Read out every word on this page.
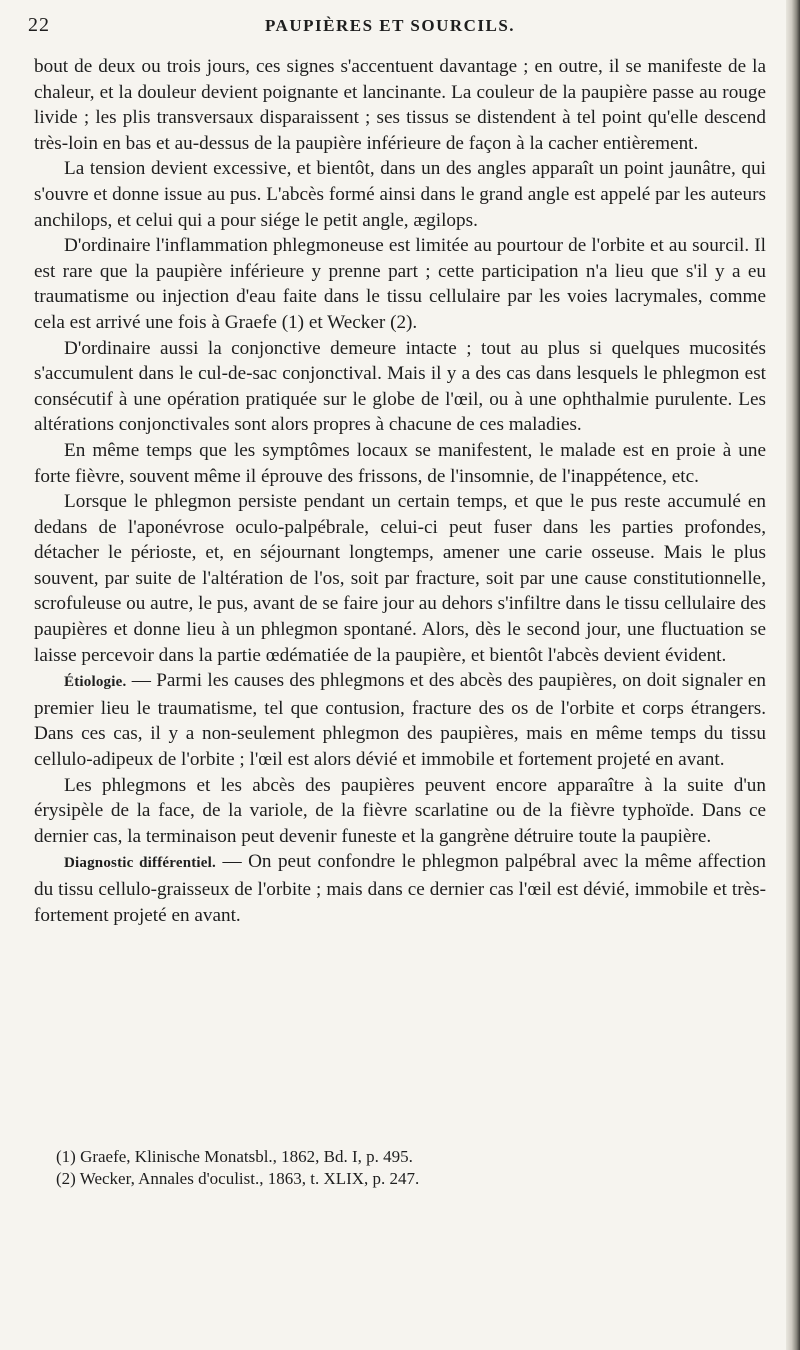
22	PAUPIÈRES ET SOURCILS.

bout de deux ou trois jours, ces signes s'accentuent davantage ; en outre, il se manifeste de la chaleur, et la douleur devient poignante et lancinante. La couleur de la paupière passe au rouge livide ; les plis transversaux disparaissent ; ses tissus se distendent à tel point qu'elle descend très-loin en bas et au-dessus de la paupière inférieure de façon à la cacher entièrement.

La tension devient excessive, et bientôt, dans un des angles apparaît un point jaunâtre, qui s'ouvre et donne issue au pus. L'abcès formé ainsi dans le grand angle est appelé par les auteurs anchilops, et celui qui a pour siége le petit angle, ægilops.

D'ordinaire l'inflammation phlegmoneuse est limitée au pourtour de l'orbite et au sourcil. Il est rare que la paupière inférieure y prenne part ; cette participation n'a lieu que s'il y a eu traumatisme ou injection d'eau faite dans le tissu cellulaire par les voies lacrymales, comme cela est arrivé une fois à Graefe (1) et Wecker (2).

D'ordinaire aussi la conjonctive demeure intacte ; tout au plus si quelques mucosités s'accumulent dans le cul-de-sac conjonctival. Mais il y a des cas dans lesquels le phlegmon est consécutif à une opération pratiquée sur le globe de l'œil, ou à une ophthalmie purulente. Les altérations conjonctivales sont alors propres à chacune de ces maladies.

En même temps que les symptômes locaux se manifestent, le malade est en proie à une forte fièvre, souvent même il éprouve des frissons, de l'insomnie, de l'inappétence, etc.

Lorsque le phlegmon persiste pendant un certain temps, et que le pus reste accumulé en dedans de l'aponévrose oculo-palpébrale, celui-ci peut fuser dans les parties profondes, détacher le périoste, et, en séjournant longtemps, amener une carie osseuse. Mais le plus souvent, par suite de l'altération de l'os, soit par fracture, soit par une cause constitutionnelle, scrofuleuse ou autre, le pus, avant de se faire jour au dehors s'infiltre dans le tissu cellulaire des paupières et donne lieu à un phlegmon spontané. Alors, dès le second jour, une fluctuation se laisse percevoir dans la partie œdématiée de la paupière, et bientôt l'abcès devient évident.

Étiologie. — Parmi les causes des phlegmons et des abcès des paupières, on doit signaler en premier lieu le traumatisme, tel que contusion, fracture des os de l'orbite et corps étrangers. Dans ces cas, il y a non-seulement phlegmon des paupières, mais en même temps du tissu cellulo-adipeux de l'orbite ; l'œil est alors dévié et immobile et fortement projeté en avant.

Les phlegmons et les abcès des paupières peuvent encore apparaître à la suite d'un érysipèle de la face, de la variole, de la fièvre scarlatine ou de la fièvre typhoïde. Dans ce dernier cas, la terminaison peut devenir funeste et la gangrène détruire toute la paupière.

Diagnostic différentiel. — On peut confondre le phlegmon palpébral avec la même affection du tissu cellulo-graisseux de l'orbite ; mais dans ce dernier cas l'œil est dévié, immobile et très-fortement projeté en avant.

(1) Graefe, Klinische Monatsbl., 1862, Bd. I, p. 495.

(2) Wecker, Annales d'oculist., 1863, t. XLIX, p. 247.
